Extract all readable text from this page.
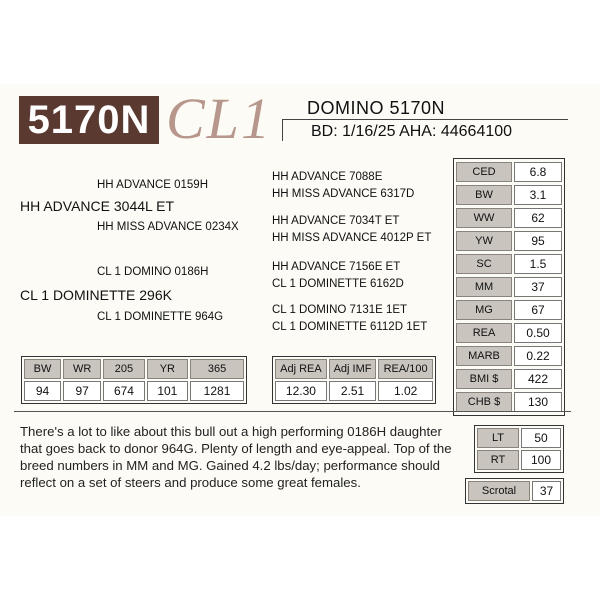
5170N CL1 DOMINO 5170N
BD: 1/16/25 AHA: 44664100
HH ADVANCE 0159H
HH ADVANCE 3044L ET
HH MISS ADVANCE 0234X
CL 1 DOMINO 0186H
CL 1 DOMINETTE 296K
CL 1 DOMINETTE 964G
HH ADVANCE 7088E
HH MISS ADVANCE 6317D
HH ADVANCE 7034T ET
HH MISS ADVANCE 4012P ET
HH ADVANCE 7156E ET
CL 1 DOMINETTE 6162D
CL 1 DOMINO 7131E 1ET
CL 1 DOMINETTE 6112D 1ET
BW	WR	205	YR	365
94	97	674	101	1281
Adj REA	Adj IMF	REA/100
12.30	2.51	1.02
CED	6.8
BW	3.1
WW	62
YW	95
SC	1.5
MM	37
MG	67
REA	0.50
MARB	0.22
BMI $	422
CHB $	130
There's a lot to like about this bull out a high performing 0186H daughter that goes back to donor 964G. Plenty of length and eye-appeal. Top of the breed numbers in MM and MG. Gained 4.2 lbs/day; performance should reflect on a set of steers and produce some great females.
LT	50
RT	100
Scrotal	37
